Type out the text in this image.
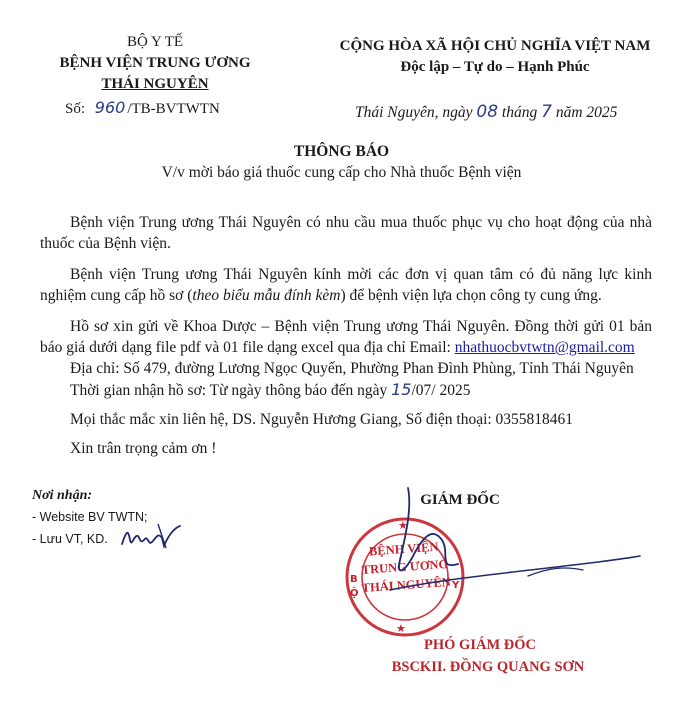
BỘ Y TẾ
BỆNH VIỆN TRUNG ƯƠNG
THÁI NGUYÊN
Số: 960 /TB-BVTWTN
CỘNG HÒA XÃ HỘI CHỦ NGHĨA VIỆT NAM
Độc lập – Tự do – Hạnh Phúc
Thái Nguyên, ngày 08 tháng 7 năm 2025
THÔNG BÁO
V/v mời báo giá thuốc cung cấp cho Nhà thuốc Bệnh viện
Bệnh viện Trung ương Thái Nguyên có nhu cầu mua thuốc phục vụ cho hoạt động của nhà thuốc của Bệnh viện.
Bệnh viện Trung ương Thái Nguyên kính mời các đơn vị quan tâm có đủ năng lực kinh nghiệm cung cấp hồ sơ (theo biểu mẫu đính kèm) để bệnh viện lựa chọn công ty cung ứng.
Hồ sơ xin gửi về Khoa Dược – Bệnh viện Trung ương Thái Nguyên. Đồng thời gửi 01 bản báo giá dưới dạng file pdf và 01 file dạng excel qua địa chỉ Email: nhathuocbvtwtn@gmail.com
Địa chỉ: Số 479, đường Lương Ngọc Quyến, Phường Phan Đình Phùng, Tỉnh Thái Nguyên
Thời gian nhận hồ sơ: Từ ngày thông báo đến ngày 15/07/ 2025
Mọi thắc mắc xin liên hệ, DS. Nguyễn Hương Giang, Số điện thoại: 0355818461
Xin trân trọng cảm ơn !
Nơi nhận:
- Website BV TWTN;
- Lưu VT, KD.
GIÁM ĐỐC
B
Ộ
Y
★
★
BỆNH VIỆN
TRUNG ƯƠNG
THÁI NGUYÊN
PHÓ GIÁM ĐỐC
BSCKII. ĐỒNG QUANG SƠN
